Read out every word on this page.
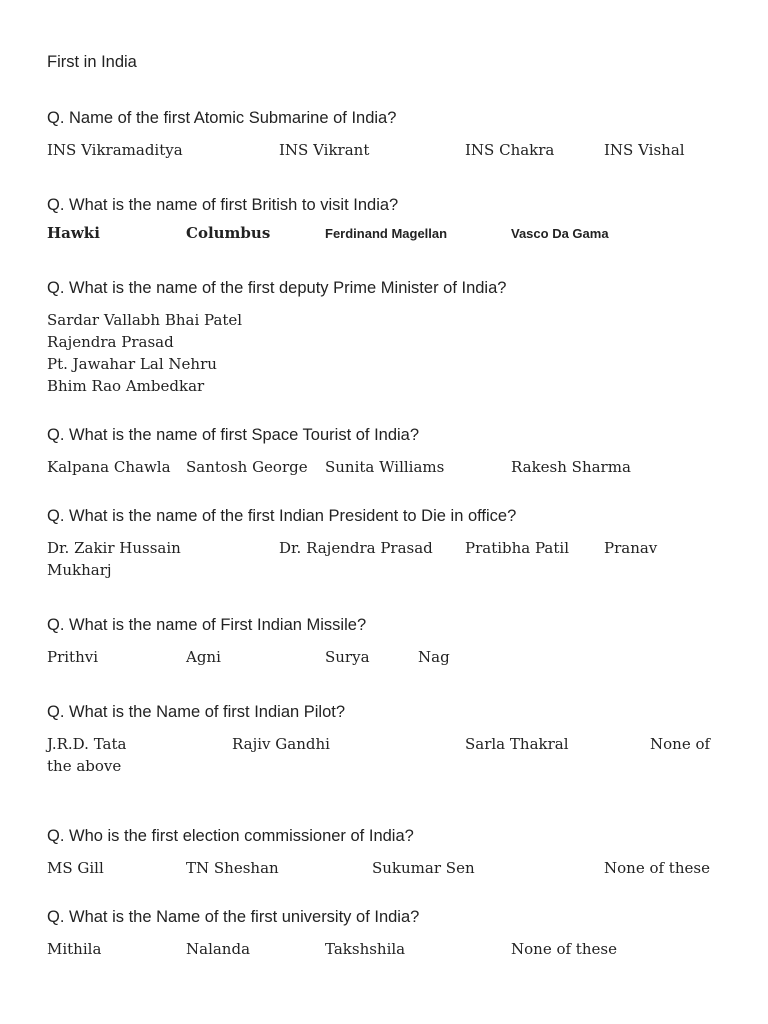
First in India
Q. Name of the first Atomic Submarine of India?
INS Vikramaditya	INS Vikrant	INS Chakra	INS Vishal
Q. What is the name of first British to visit India?
Hawki	Columbus	Ferdinand Magellan	Vasco Da Gama
Q. What is the name of the first deputy Prime Minister of India?
Sardar Vallabh Bhai Patel
Rajendra Prasad
Pt. Jawahar Lal Nehru
Bhim Rao Ambedkar
Q. What is the name of first Space Tourist of India?
Kalpana Chawla Santosh George Sunita Williams	Rakesh Sharma
Q. What is the name of the first Indian President to Die in office?
Dr. Zakir Hussain	Dr. Rajendra Prasad Pratibha Patil Pranav
Mukharj
Q. What is the name of First Indian Missile?
Prithvi	Agni	Surya	Nag
Q. What is the Name of first Indian Pilot?
J.R.D. Tata	Rajiv Gandhi	Sarla Thakral	None of
the above
Q. Who is the first election commissioner of India?
MS Gill	TN Sheshan	Sukumar Sen	None of these
Q. What is the Name of the first university of India?
Mithila	Nalanda	Takshshila	None of these
